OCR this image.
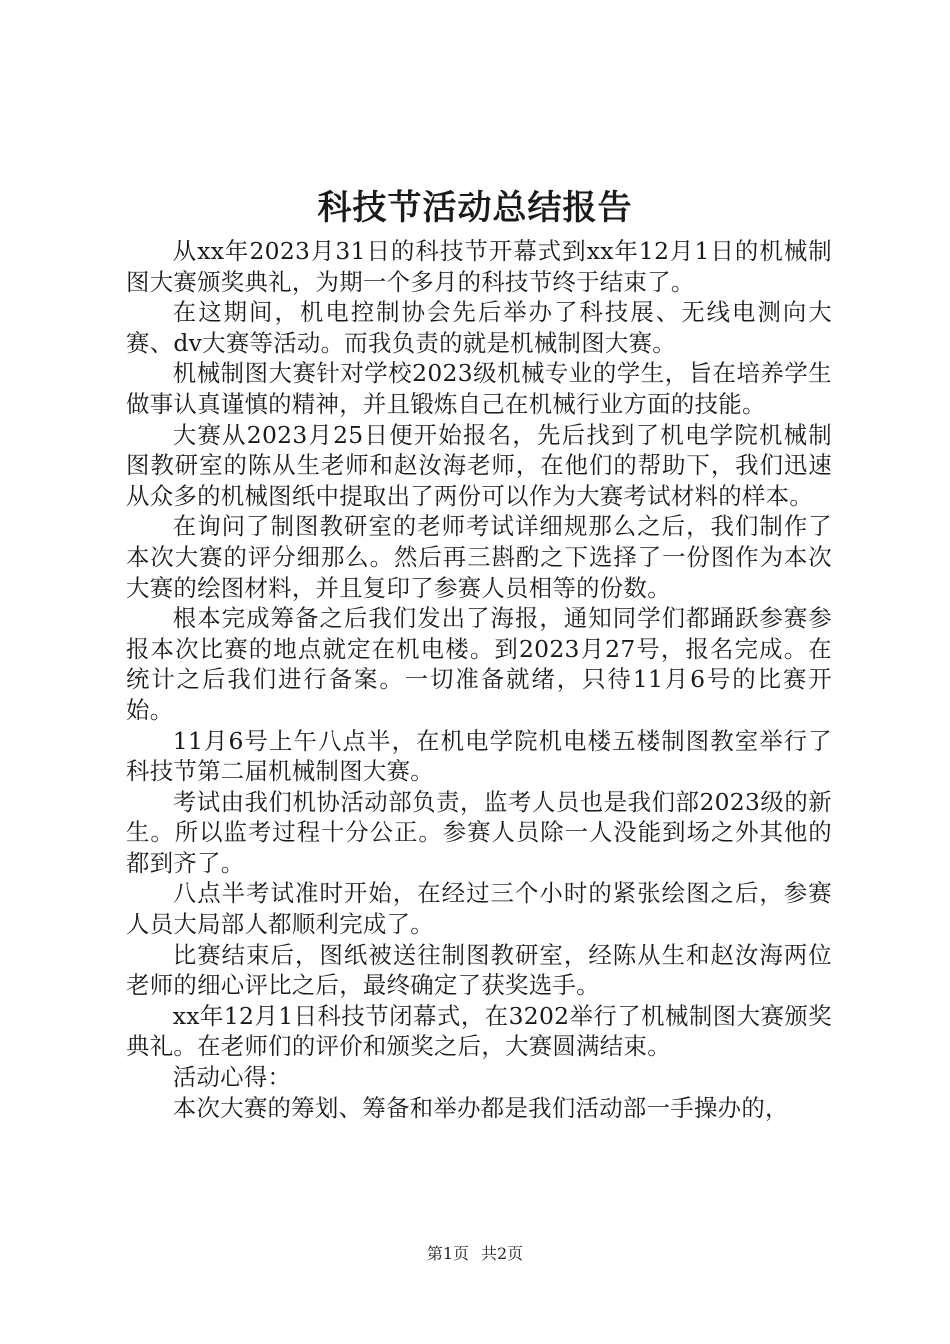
科技节活动总结报告

从xx年2023月31日的科技节开幕式到xx年12月1日的机械制图大赛颁奖典礼，为期一个多月的科技节终于结束了。

在这期间，机电控制协会先后举办了科技展、无线电测向大赛、dv大赛等活动。而我负责的就是机械制图大赛。

机械制图大赛针对学校2023级机械专业的学生，旨在培养学生做事认真谨慎的精神，并且锻炼自己在机械行业方面的技能。

大赛从2023月25日便开始报名，先后找到了机电学院机械制图教研室的陈从生老师和赵汝海老师，在他们的帮助下，我们迅速从众多的机械图纸中提取出了两份可以作为大赛考试材料的样本。

在询问了制图教研室的老师考试详细规那么之后，我们制作了本次大赛的评分细那么。然后再三斟酌之下选择了一份图作为本次大赛的绘图材料，并且复印了参赛人员相等的份数。

根本完成筹备之后我们发出了海报，通知同学们都踊跃参赛参报本次比赛的地点就定在机电楼。到2023月27号，报名完成。在统计之后我们进行备案。一切准备就绪，只待11月6号的比赛开始。

11月6号上午八点半，在机电学院机电楼五楼制图教室举行了科技节第二届机械制图大赛。

考试由我们机协活动部负责，监考人员也是我们部2023级的新生。所以监考过程十分公正。参赛人员除一人没能到场之外其他的都到齐了。

八点半考试准时开始，在经过三个小时的紧张绘图之后，参赛人员大局部人都顺利完成了。

比赛结束后，图纸被送往制图教研室，经陈从生和赵汝海两位老师的细心评比之后，最终确定了获奖选手。

xx年12月1日科技节闭幕式，在3202举行了机械制图大赛颁奖典礼。在老师们的评价和颁奖之后，大赛圆满结束。

活动心得：

本次大赛的筹划、筹备和举办都是我们活动部一手操办的，

第1页 共2页
